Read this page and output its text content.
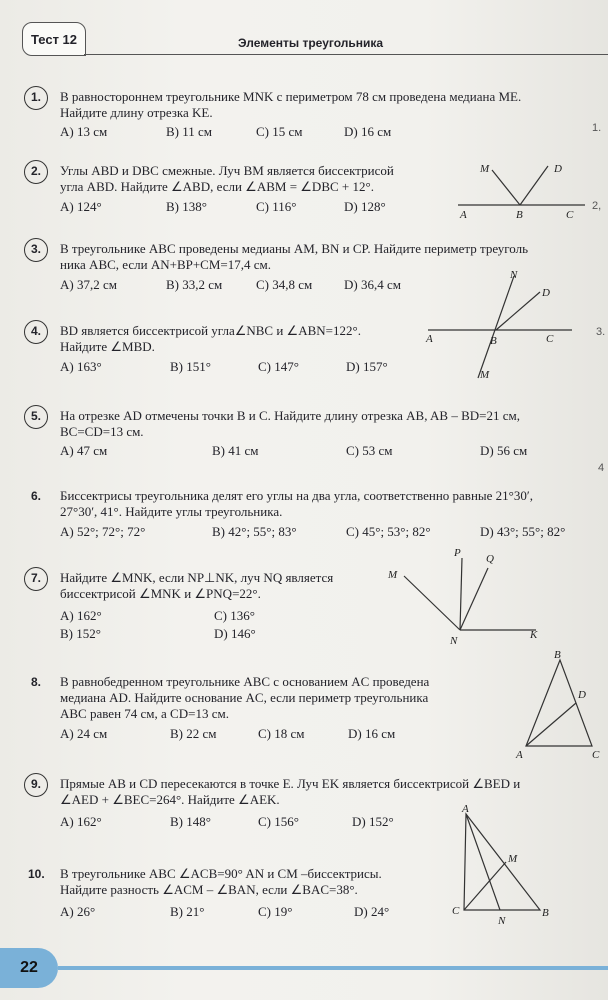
Тест 12	Элементы треугольника
1. В равностороннем треугольнике MNK с периметром 78 см проведена медиана МЕ.
Найдите длину отрезка KE.
А) 13 см	В) 11 см	С) 15 см	D) 16 см	1.
2. Углы ABD и DBC смежные. Луч BM является биссектрисой
угла ABD. Найдите ∠ABD, если ∠ABM = ∠DBC + 12°.
А) 124°	В) 138°	С) 116°	D) 128°
M	D
A	B	C
2,
3. В треугольнике ABC проведены медианы AM, BN и CP. Найдите периметр треуголь
ника ABC, если AN+BP+CM=17,4 см.
А) 37,2 см	В) 33,2 см	С) 34,8 см D) 36,4 см
4. BD является биссектрисой угла∠NBC и ∠ABN=122°.
Найдите ∠MBD.
А) 163°	В) 151°	С) 147°	D) 157°
N
D
A	B	C
M
3.
5. На отрезке AD отмечены точки B и C. Найдите длину отрезка AB, AB – BD=21 см,
BC=CD=13 см.
А) 47 см	В) 41 см	С) 53 см	D) 56 см
4
6. Биссектрисы треугольника делят его углы на два угла, соответственно равные 21°30′,
27°30′, 41°. Найдите углы треугольника.
А) 52°; 72°; 72°	В) 42°; 55°; 83°	С) 45°; 53°; 82°	D) 43°; 55°; 82°
7. Найдите ∠MNK, если NP⊥NK, луч NQ является
биссектрисой ∠MNK и ∠PNQ=22°.
А) 162°	С) 136°
В) 152°	D) 146°
P Q
M
N	K
8. В равнобедренном треугольнике ABC с основанием AC проведена
медиана AD. Найдите основание AC, если периметр треугольника
ABC равен 74 см, а CD=13 см.
А) 24 см	В) 22 см	С) 18 см	D) 16 см
B
D
A	C
9. Прямые AB и CD пересекаются в точке E. Луч EK является биссектрисой ∠BED и
∠AED + ∠BEC=264°. Найдите ∠AEK.
А) 162°	В) 148°	С) 156°	D) 152°
10. В треугольнике ABC ∠ACB=90° AN и CM –биссектрисы.
Найдите разность ∠ACM – ∠BAN, если ∠BAC=38°.
А) 26°	В) 21°	С) 19°	D) 24°
A
M
C
N
B
22
